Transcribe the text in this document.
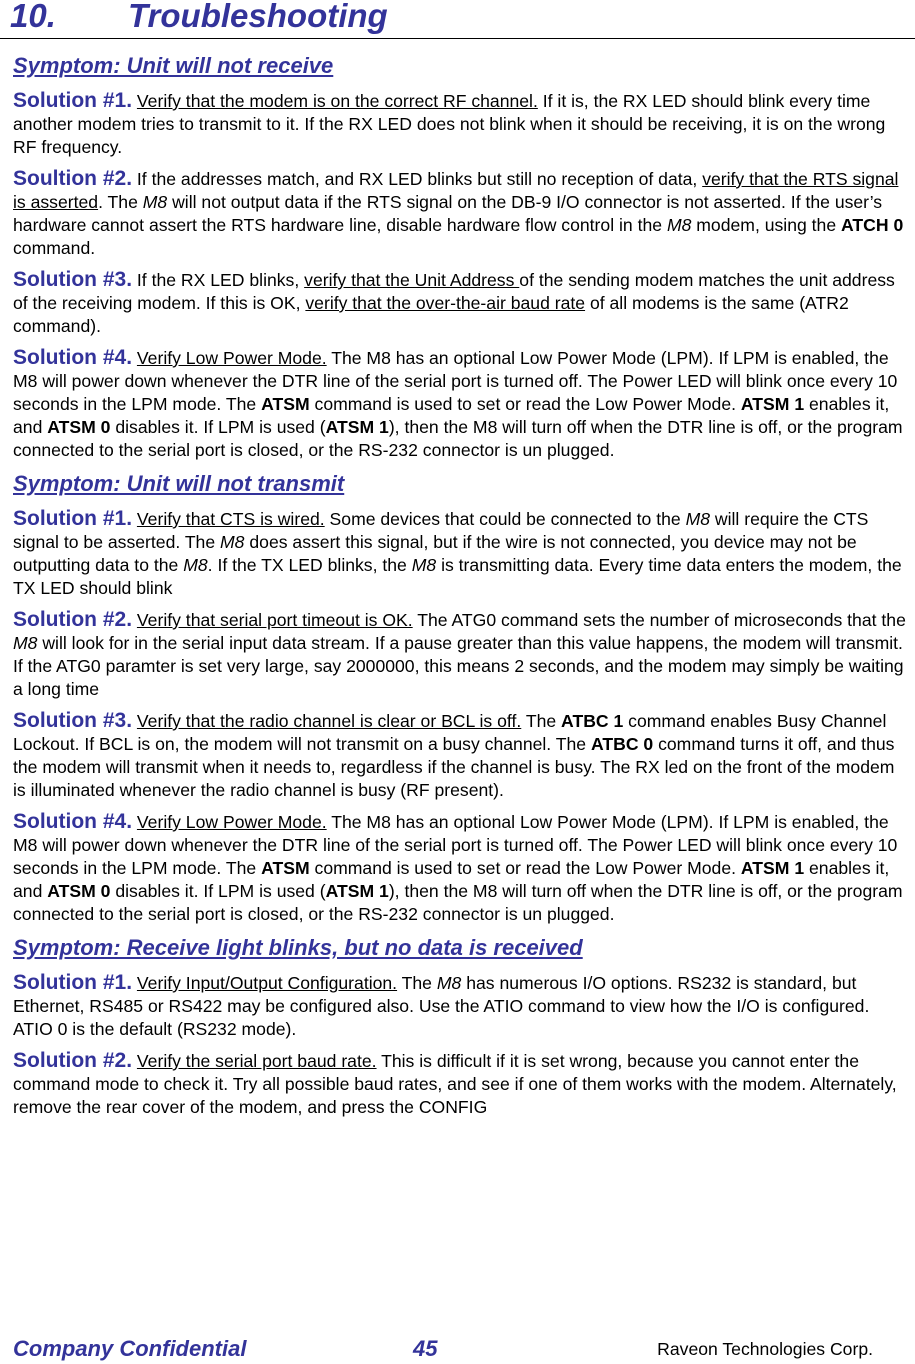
10. Troubleshooting
Symptom: Unit will not receive

Solution #1. Verify that the modem is on the correct RF channel. If it is, the RX LED should blink every time another modem tries to transmit to it. If the RX LED does not blink when it should be receiving, it is on the wrong RF frequency.

Soultion #2. If the addresses match, and RX LED blinks but still no reception of data, verify that the RTS signal is asserted. The M8 will not output data if the RTS signal on the DB-9 I/O connector is not asserted. If the user’s hardware cannot assert the RTS hardware line, disable hardware flow control in the M8 modem, using the ATCH 0 command.

Solution #3. If the RX LED blinks, verify that the Unit Address of the sending modem matches the unit address of the receiving modem. If this is OK, verify that the over-the-air baud rate of all modems is the same (ATR2 command).

Solution #4. Verify Low Power Mode. The M8 has an optional Low Power Mode (LPM). If LPM is enabled, the M8 will power down whenever the DTR line of the serial port is turned off. The Power LED will blink once every 10 seconds in the LPM mode. The ATSM command is used to set or read the Low Power Mode. ATSM 1 enables it, and ATSM 0 disables it. If LPM is used (ATSM 1), then the M8 will turn off when the DTR line is off, or the program connected to the serial port is closed, or the RS-232 connector is un plugged.

Symptom: Unit will not transmit

Solution #1. Verify that CTS is wired. Some devices that could be connected to the M8 will require the CTS signal to be asserted. The M8 does assert this signal, but if the wire is not connected, you device may not be outputting data to the M8. If the TX LED blinks, the M8 is transmitting data. Every time data enters the modem, the TX LED should blink

Solution #2. Verify that serial port timeout is OK. The ATG0 command sets the number of microseconds that the M8 will look for in the serial input data stream. If a pause greater than this value happens, the modem will transmit. If the ATG0 paramter is set very large, say 2000000, this means 2 seconds, and the modem may simply be waiting a long time

Solution #3. Verify that the radio channel is clear or BCL is off. The ATBC 1 command enables Busy Channel Lockout. If BCL is on, the modem will not transmit on a busy channel. The ATBC 0 command turns it off, and thus the modem will transmit when it needs to, regardless if the channel is busy. The RX led on the front of the modem is illuminated whenever the radio channel is busy (RF present).

Solution #4. Verify Low Power Mode. The M8 has an optional Low Power Mode (LPM). If LPM is enabled, the M8 will power down whenever the DTR line of the serial port is turned off. The Power LED will blink once every 10 seconds in the LPM mode. The ATSM command is used to set or read the Low Power Mode. ATSM 1 enables it, and ATSM 0 disables it. If LPM is used (ATSM 1), then the M8 will turn off when the DTR line is off, or the program connected to the serial port is closed, or the RS-232 connector is un plugged.

Symptom: Receive light blinks, but no data is received

Solution #1. Verify Input/Output Configuration. The M8 has numerous I/O options. RS232 is standard, but Ethernet, RS485 or RS422 may be configured also. Use the ATIO command to view how the I/O is configured. ATIO 0 is the default (RS232 mode).

Solution #2. Verify the serial port baud rate. This is difficult if it is set wrong, because you cannot enter the command mode to check it. Try all possible baud rates, and see if one of them works with the modem. Alternately, remove the rear cover of the modem, and press the CONFIG

Company Confidential	45	Raveon Technologies Corp.
